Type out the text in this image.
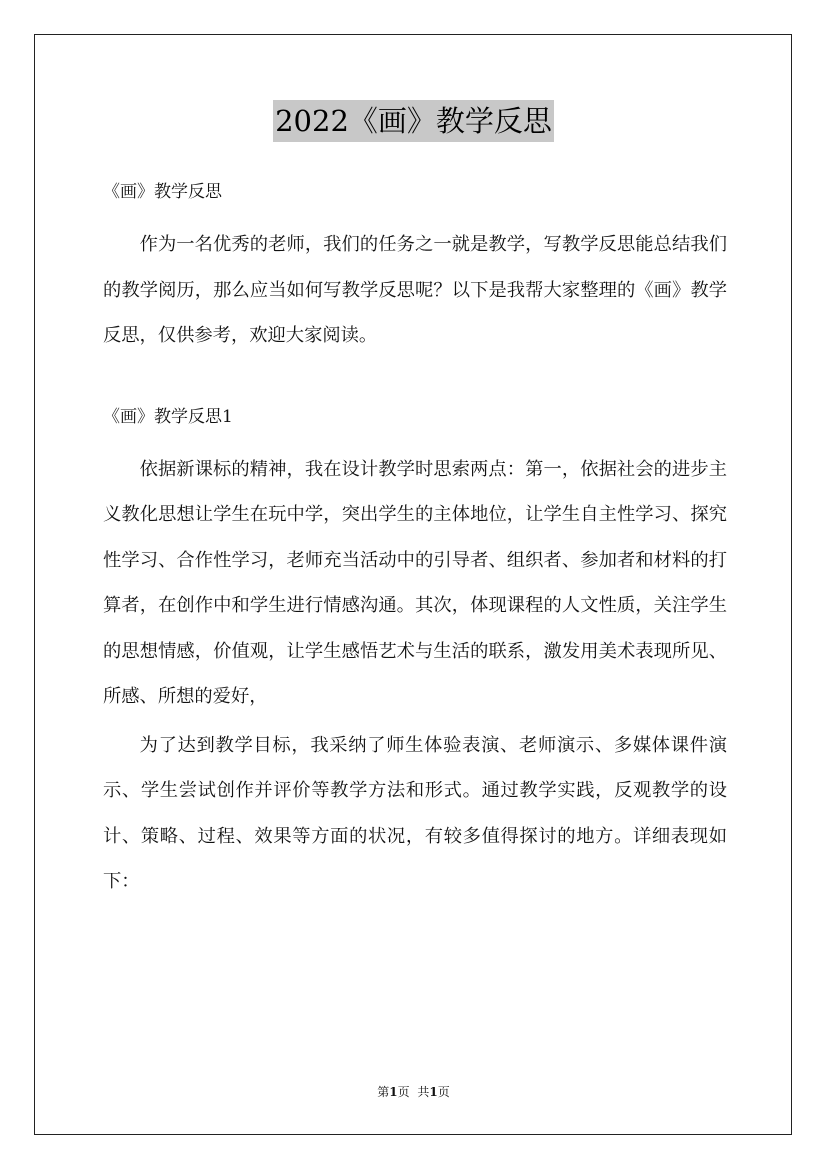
2022《画》教学反思

《画》教学反思

作为一名优秀的老师，我们的任务之一就是教学，写教学反思能总结我们的教学阅历，那么应当如何写教学反思呢？以下是我帮大家整理的《画》教学反思，仅供参考，欢迎大家阅读。

《画》教学反思1

依据新课标的精神，我在设计教学时思索两点：第一，依据社会的进步主义教化思想让学生在玩中学，突出学生的主体地位，让学生自主性学习、探究性学习、合作性学习，老师充当活动中的引导者、组织者、参加者和材料的打算者，在创作中和学生进行情感沟通。其次，体现课程的人文性质，关注学生的思想情感，价值观，让学生感悟艺术与生活的联系，激发用美术表现所见、所感、所想的爱好，

为了达到教学目标，我采纳了师生体验表演、老师演示、多媒体课件演示、学生尝试创作并评价等教学方法和形式。通过教学实践，反观教学的设计、策略、过程、效果等方面的状况，有较多值得探讨的地方。详细表现如下：

第1页 共1页
